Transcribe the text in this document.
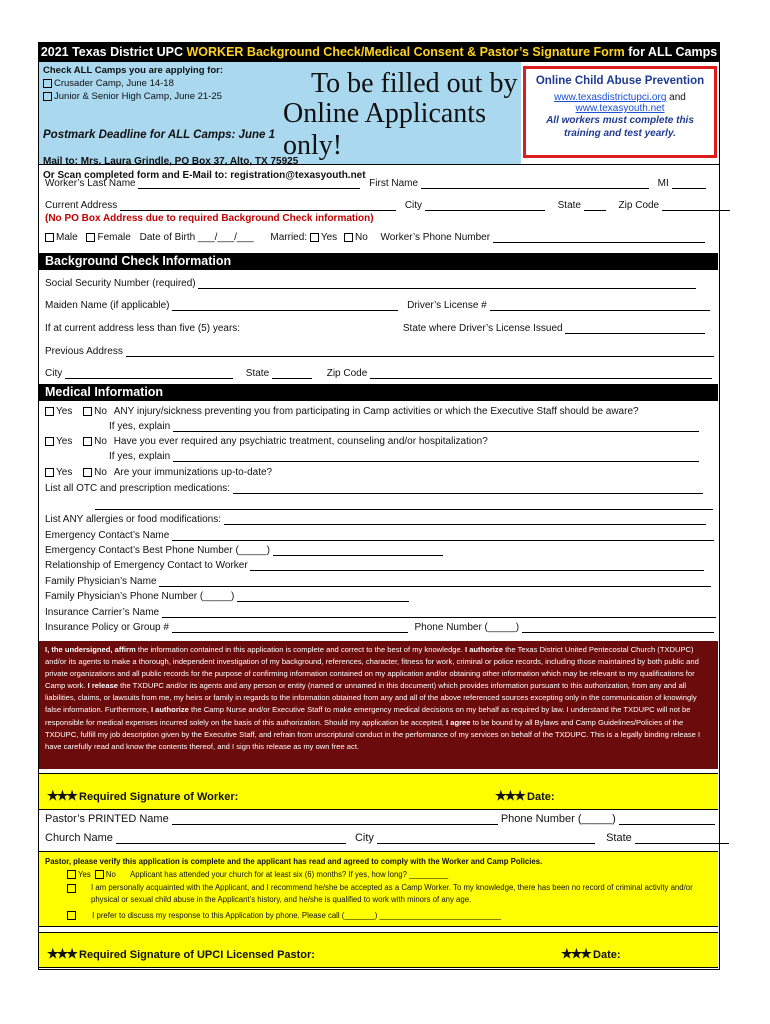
2021 Texas District UPC WORKER Background Check/Medical Consent & Pastor’s Signature Form for ALL Camps
Check ALL Camps you are applying for:
Crusader Camp, June 14-18
Junior & Senior High Camp, June 21-25	To be filled out by
Online Applicants only!
Postmark Deadline for ALL Camps: June 1
Mail to: Mrs. Laura Grindle, PO Box 37, Alto, TX 75925
Or Scan completed form and E-Mail to: registration@texasyouth.net
Online Child Abuse Prevention
www.texasdistrictupci.org and
www.texasyouth.net
All workers must complete this training and test yearly.
Worker’s Last Name	First Name	MI
Current Address	City	State	Zip Code
(No PO Box Address due to required Background Check information)
Male Female Date of Birth ___/___/___ Married: Yes No Worker’s Phone Number
Background Check Information
Social Security Number (required)
Maiden Name (if applicable)	Driver’s License #
If at current address less than five (5) years:	State where Driver’s License Issued
Previous Address
City	State	Zip Code
Medical Information
Yes No ANY injury/sickness preventing you from participating in Camp activities or which the Executive Staff should be aware?
If yes, explain
Yes No Have you ever required any psychiatric treatment, counseling and/or hospitalization?
If yes, explain
Yes No Are your immunizations up-to-date?
List all OTC and prescription medications:
List ANY allergies or food modifications:
Emergency Contact’s Name
Emergency Contact’s Best Phone Number (_____)
Relationship of Emergency Contact to Worker
Family Physician’s Name
Family Physician’s Phone Number (_____)
Insurance Carrier’s Name
Insurance Policy or Group #	Phone Number (_____)
I, the undersigned, affirm the information contained in this application is complete and correct to the best of my knowledge. I authorize the Texas District United Pentecostal Church (TXDUPC) and/or its agents to make a thorough, independent investigation of my background, references, character, fitness for work, criminal or police records, including those maintained by both public and private organizations and all public records for the purpose of confirming information contained on my application and/or obtaining other information which may be relevant to my qualifications for Camp work. I release the TXDUPC and/or its agents and any person or entity (named or unnamed in this document) which provides information pursuant to this authorization, from any and all liabilities, claims, or lawsuits from me, my heirs or family in regards to the information obtained from any and all of the above referenced sources excepting only in the communication of knowingly false information. Furthermore, I authorize the Camp Nurse and/or Executive Staff to make emergency medical decisions on my behalf as required by law. I understand the TXDUPC will not be responsible for medical expenses incurred solely on the basis of this authorization. Should my application be accepted, I agree to be bound by all Bylaws and Camp Guidelines/Policies of the TXDUPC, fulfill my job description given by the Executive Staff, and refrain from unscriptural conduct in the performance of my services on behalf of the TXDUPC. This is a legally binding release I have carefully read and know the contents thereof, and I sign this release as my own free act.
★★★ Required Signature of Worker:	★★★ Date:
Pastor’s PRINTED Name	Phone Number (_____)
Church Name	City	State
Pastor, please verify this application is complete and the applicant has read and agreed to comply with the Worker and Camp Policies.
Yes No Applicant has attended your church for at least six (6) months? If yes, how long? _________
I am personally acquainted with the Applicant, and I recommend he/she be accepted as a Camp Worker. To my knowledge, there has been no record of criminal activity and/or physical or sexual child abuse in the Applicant’s history, and he/she is qualified to work with minors of any age.
I prefer to discuss my response to this Application by phone. Please call (_______) ____________________________
★★★ Required Signature of UPCI Licensed Pastor:	★★★ Date:
